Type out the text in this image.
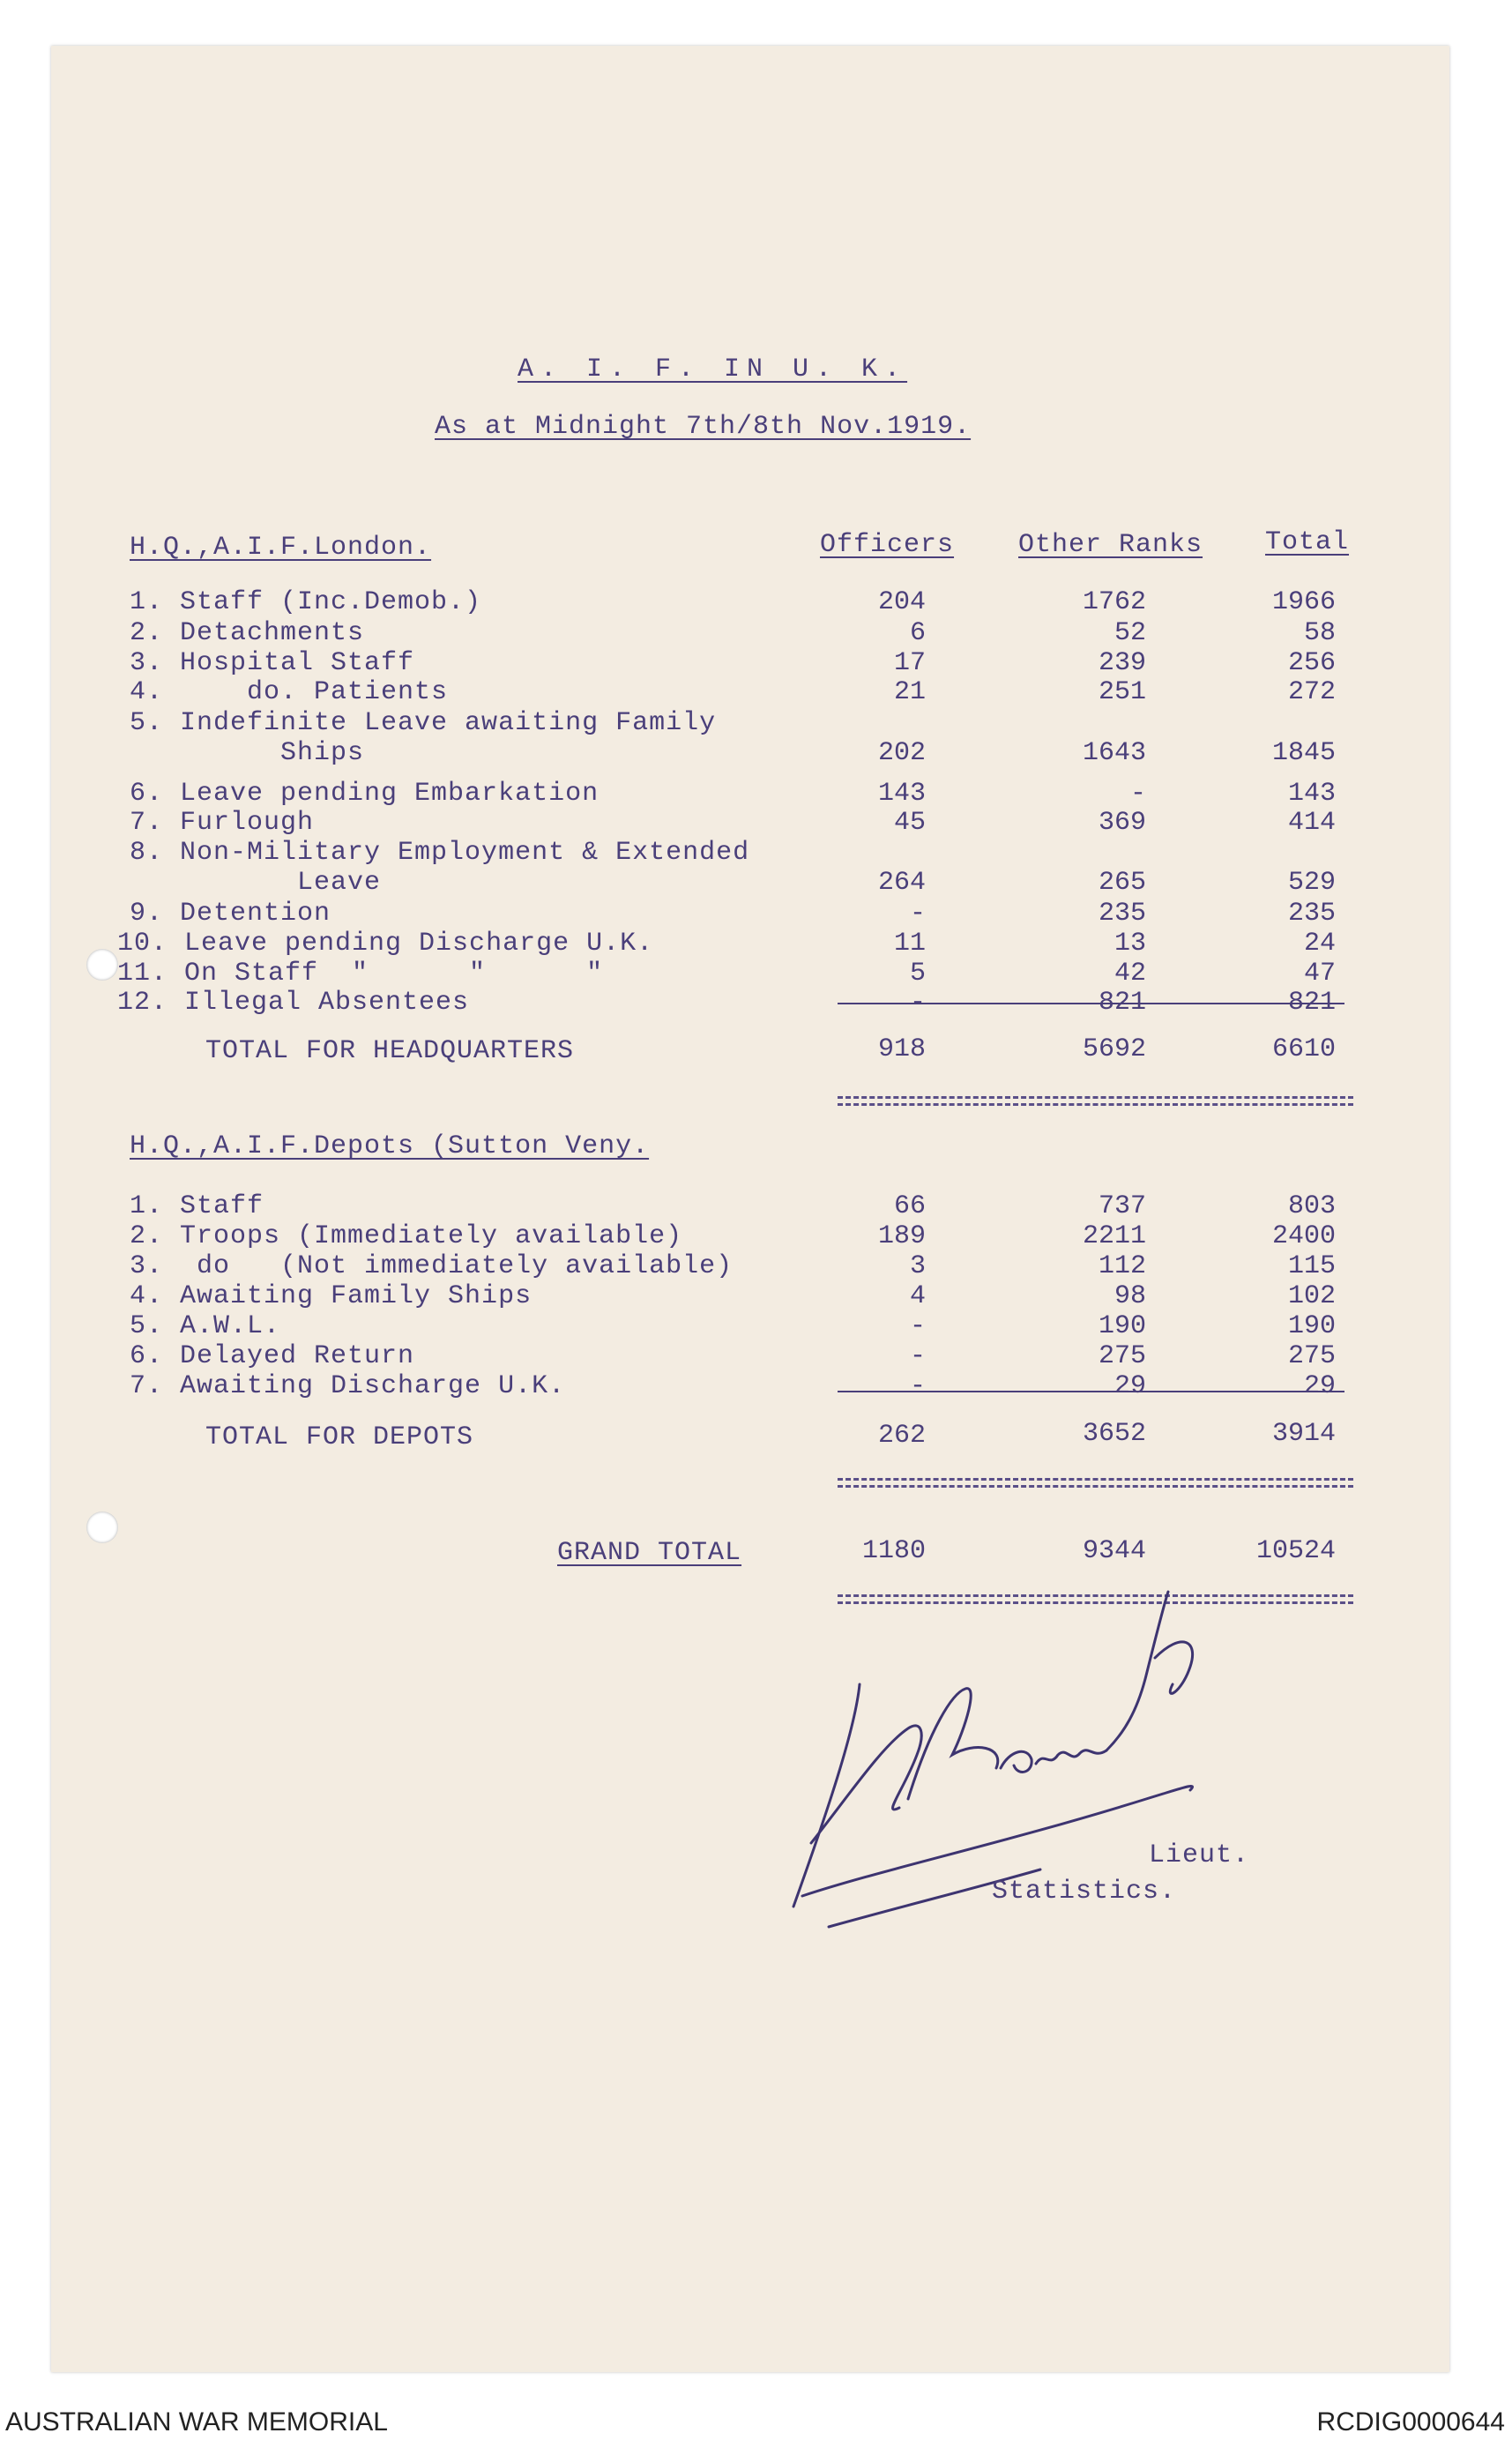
A. I. F. IN U. K.
As at Midnight 7th/8th Nov.1919.
H.Q.,A.I.F.London.	Officers Other Ranks Total
1. Staff (Inc.Demob.)	204	1762	1966
2. Detachments	6	52	58
3. Hospital Staff	17	239	256
4.     do. Patients	21	251	272
5. Indefinite Leave awaiting Family
Ships	202	1643	1845
6. Leave pending Embarkation	143	-	143
7. Furlough	45	369	414
8. Non-Military Employment & Extended
Leave	264	265	529
9. Detention	-	235	235
10. Leave pending Discharge U.K.	11	13	24
11. On Staff  "      "      "	5	42	47
12. Illegal Absentees	-	821	821
TOTAL FOR HEADQUARTERS	918	5692	6610
H.Q.,A.I.F.Depots (Sutton Veny.
1. Staff	66	737	803
2. Troops (Immediately available)	189	2211	2400
3.  do   (Not immediately available)	3	112	115
4. Awaiting Family Ships	4	98	102
5. A.W.L.	-	190	190
6. Delayed Return	-	275	275
7. Awaiting Discharge U.K.	-	29	29
TOTAL FOR DEPOTS	262	3652	3914
GRAND TOTAL	1180	9344	10524
Lieut.
Statistics.
AUSTRALIAN WAR MEMORIAL	RCDIG0000644
